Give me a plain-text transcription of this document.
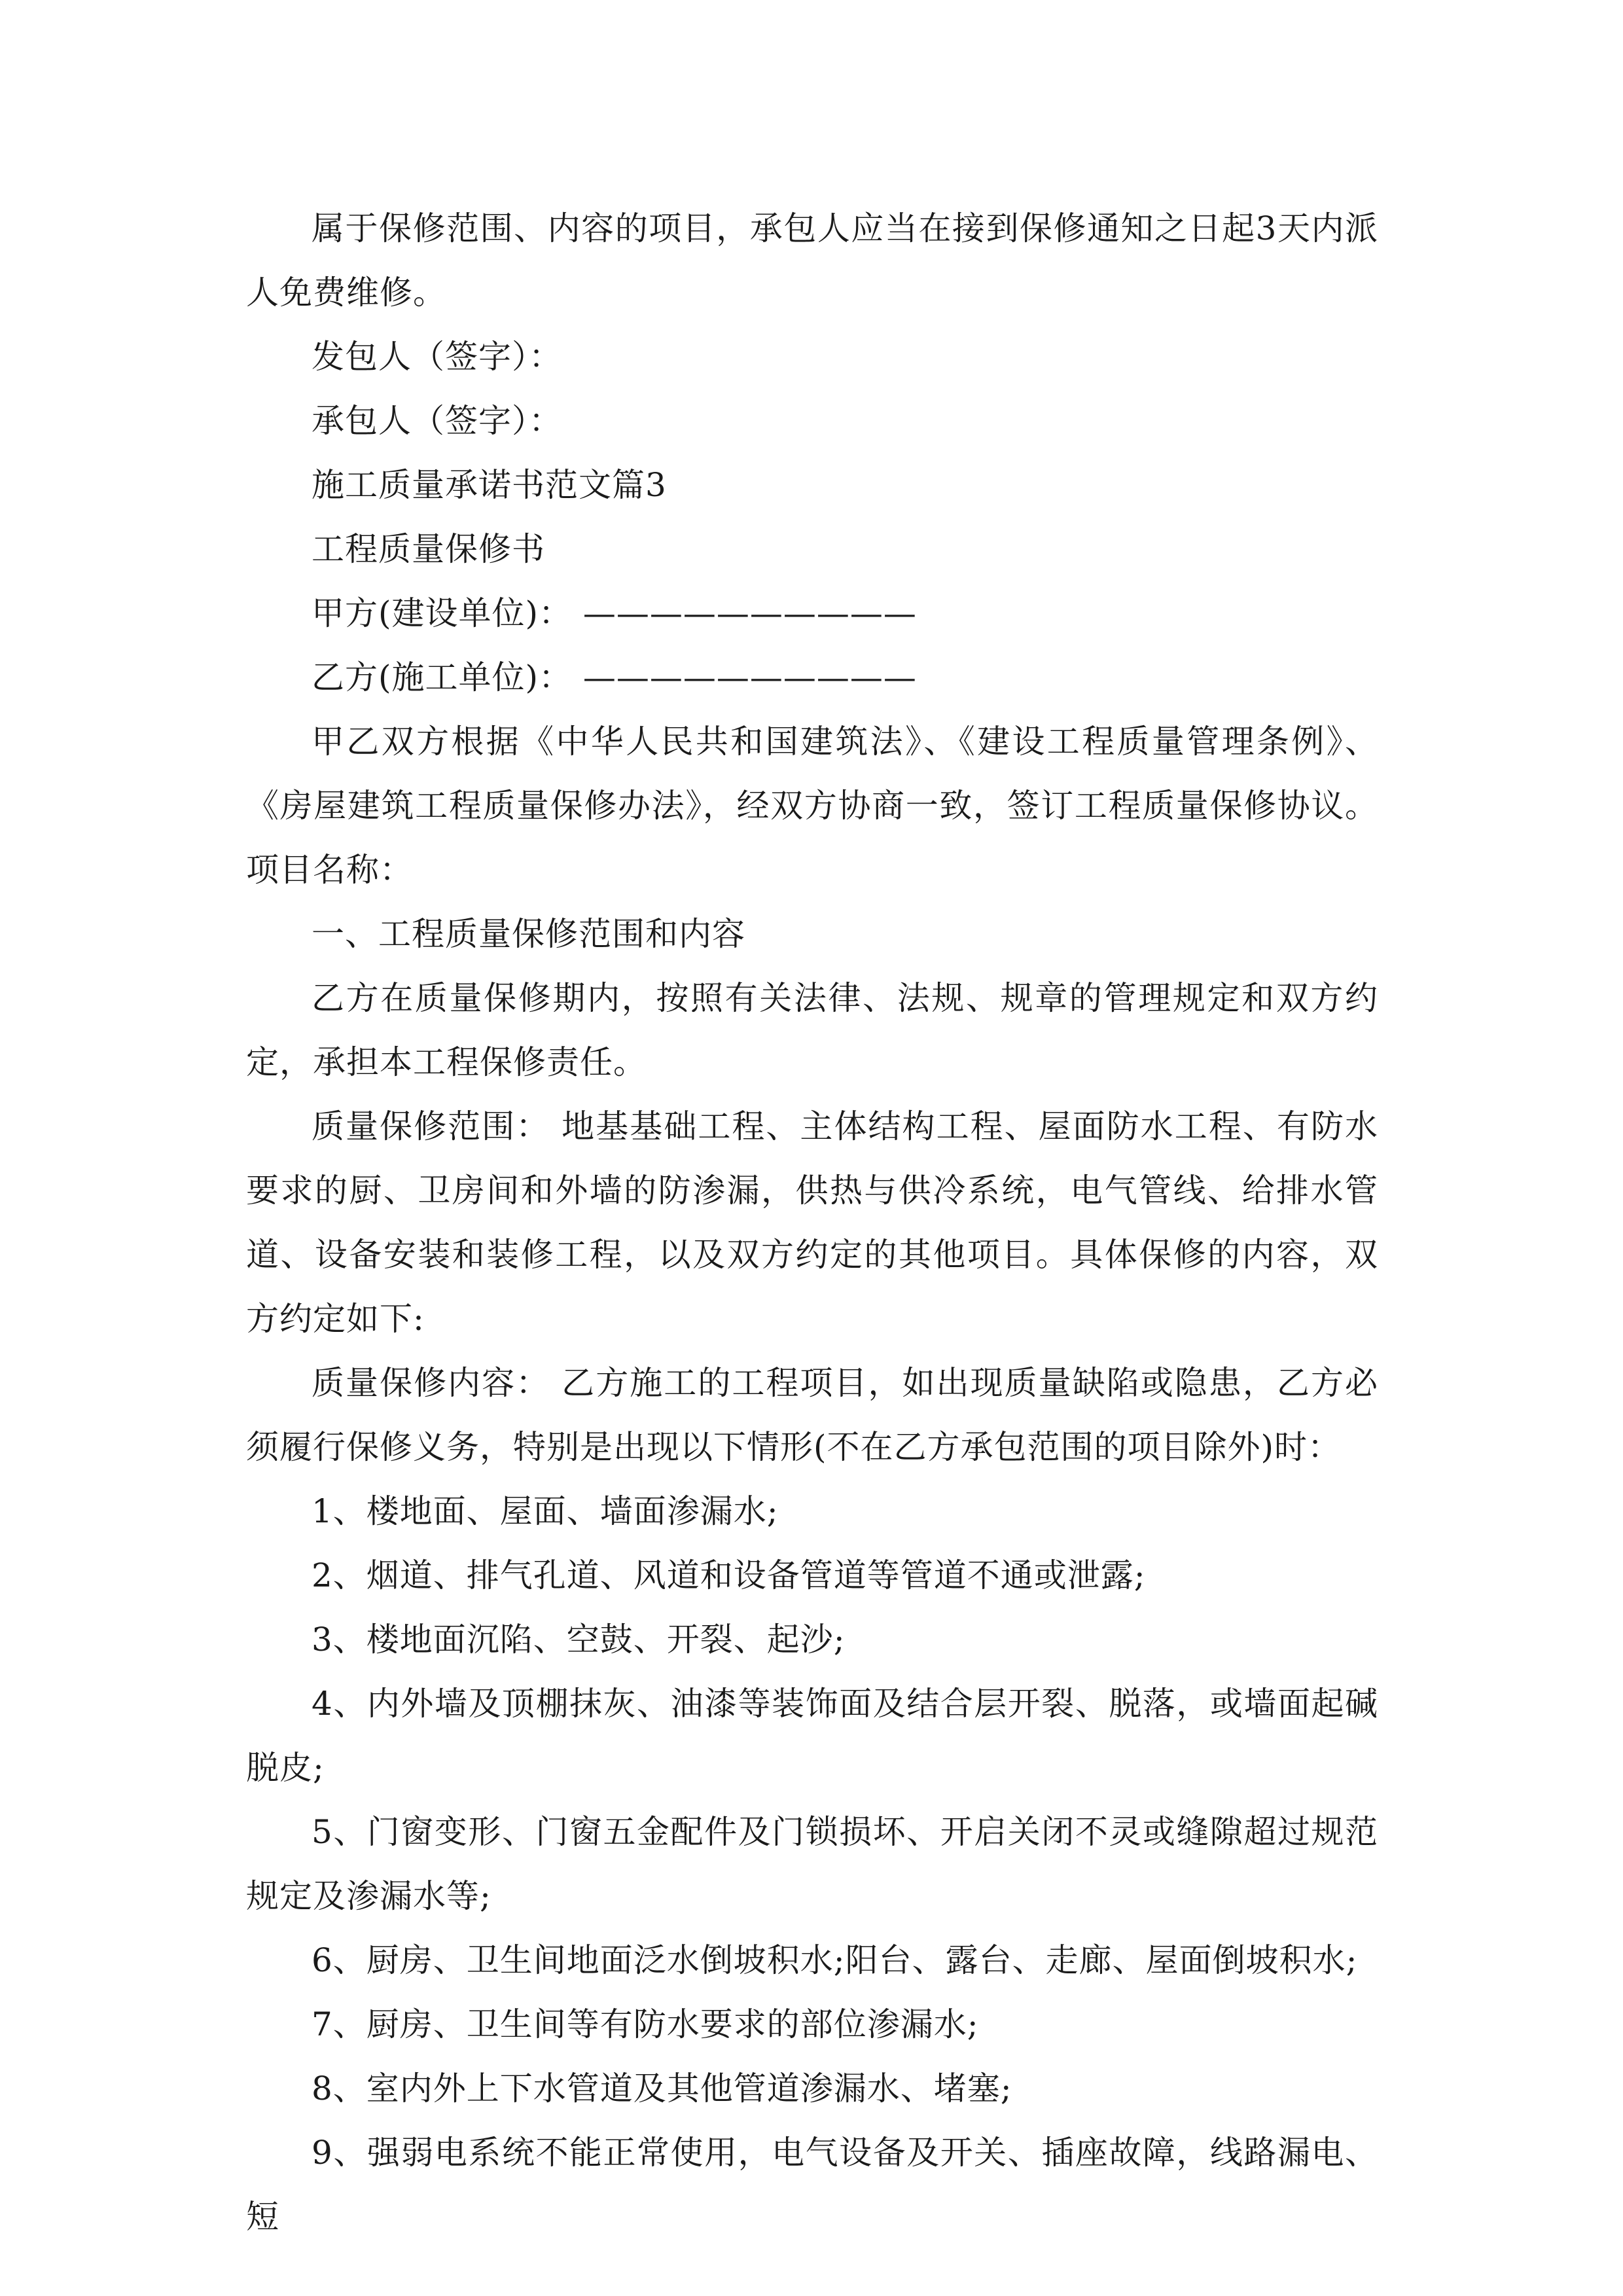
属于保修范围、内容的项目，承包人应当在接到保修通知之日起3天内派人免费维修。

发包人（签字）：

承包人（签字）：

施工质量承诺书范文篇3

工程质量保修书

甲方(建设单位)： ——————————

乙方(施工单位)： ——————————

甲乙双方根据《中华人民共和国建筑法》、《建设工程质量管理条例》、《房屋建筑工程质量保修办法》，经双方协商一致，签订工程质量保修协议。项目名称：

一、工程质量保修范围和内容

乙方在质量保修期内，按照有关法律、法规、规章的管理规定和双方约定，承担本工程保修责任。

质量保修范围： 地基基础工程、主体结构工程、屋面防水工程、有防水要求的厨、卫房间和外墙的防渗漏，供热与供冷系统，电气管线、给排水管道、设备安装和装修工程，以及双方约定的其他项目。具体保修的内容，双方约定如下:

质量保修内容： 乙方施工的工程项目，如出现质量缺陷或隐患，乙方必须履行保修义务，特别是出现以下情形(不在乙方承包范围的项目除外)时：

1、楼地面、屋面、墙面渗漏水;

2、烟道、排气孔道、风道和设备管道等管道不通或泄露;

3、楼地面沉陷、空鼓、开裂、起沙;

4、内外墙及顶棚抹灰、油漆等装饰面及结合层开裂、脱落，或墙面起碱脱皮;

5、门窗变形、门窗五金配件及门锁损坏、开启关闭不灵或缝隙超过规范规定及渗漏水等;

6、厨房、卫生间地面泛水倒坡积水;阳台、露台、走廊、屋面倒坡积水;

7、厨房、卫生间等有防水要求的部位渗漏水;

8、室内外上下水管道及其他管道渗漏水、堵塞;

9、强弱电系统不能正常使用，电气设备及开关、插座故障，线路漏电、短
